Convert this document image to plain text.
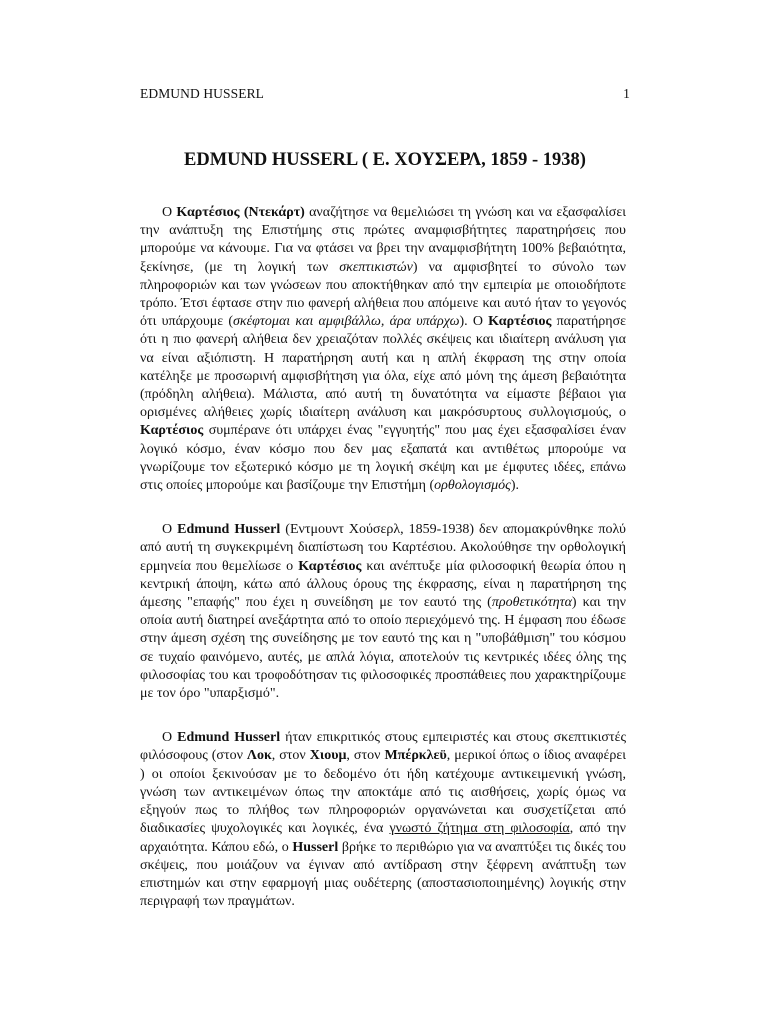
EDMUND HUSSERL	1
EDMUND HUSSERL ( Ε. ΧΟΥΣΕΡΛ, 1859 - 1938)

Ο Καρτέσιος (Ντεκάρτ) αναζήτησε να θεμελιώσει τη γνώση και να εξασφαλίσει την ανάπτυξη της Επιστήμης στις πρώτες αναμφισβήτητες παρατηρήσεις που μπορούμε να κάνουμε. Για να φτάσει να βρει την αναμφισβήτητη 100% βεβαιότητα, ξεκίνησε, (με τη λογική των σκεπτικιστών) να αμφισβητεί το σύνολο των πληροφοριών και των γνώσεων που αποκτήθηκαν από την εμπειρία με οποιοδήποτε τρόπο. Έτσι έφτασε στην πιο φανερή αλήθεια που απόμεινε και αυτό ήταν το γεγονός ότι υπάρχουμε (σκέφτομαι και αμφιβάλλω, άρα υπάρχω). Ο Καρτέσιος παρατήρησε ότι η πιο φανερή αλήθεια δεν χρειαζόταν πολλές σκέψεις και ιδιαίτερη ανάλυση για να είναι αξιόπιστη. Η παρατήρηση αυτή και η απλή έκφραση της στην οποία κατέληξε με προσωρινή αμφισβήτηση για όλα, είχε από μόνη της άμεση βεβαιότητα (πρόδηλη αλήθεια). Μάλιστα, από αυτή τη δυνατότητα να είμαστε βέβαιοι για ορισμένες αλήθειες χωρίς ιδιαίτερη ανάλυση και μακρόσυρτους συλλογισμούς, ο Καρτέσιος συμπέρανε ότι υπάρχει ένας "εγγυητής" που μας έχει εξασφαλίσει έναν λογικό κόσμο, έναν κόσμο που δεν μας εξαπατά και αντιθέτως μπορούμε να γνωρίζουμε τον εξωτερικό κόσμο με τη λογική σκέψη και με έμφυτες ιδέες, επάνω στις οποίες μπορούμε και βασίζουμε την Επιστήμη (ορθολογισμός).

Ο Edmund Husserl (Εντμουντ Χούσερλ, 1859-1938) δεν απομακρύνθηκε πολύ από αυτή τη συγκεκριμένη διαπίστωση του Καρτέσιου. Ακολούθησε την ορθολογική ερμηνεία που θεμελίωσε ο Καρτέσιος και ανέπτυξε μία φιλοσοφική θεωρία όπου η κεντρική άποψη, κάτω από άλλους όρους της έκφρασης, είναι η παρατήρηση της άμεσης "επαφής" που έχει η συνείδηση με τον εαυτό της (προθετικότητα) και την οποία αυτή διατηρεί ανεξάρτητα από το οποίο περιεχόμενό της. Η έμφαση που έδωσε στην άμεση σχέση της συνείδησης με τον εαυτό της και η "υποβάθμιση" του κόσμου σε τυχαίο φαινόμενο, αυτές, με απλά λόγια, αποτελούν τις κεντρικές ιδέες όλης της φιλοσοφίας του και τροφοδότησαν τις φιλοσοφικές προσπάθειες που χαρακτηρίζουμε με τον όρο "υπαρξισμό".

Ο Edmund Husserl ήταν επικριτικός στους εμπειριστές και στους σκεπτικιστές φιλόσοφους (στον Λοκ, στον Χιουμ, στον Μπέρκλεϋ, μερικοί όπως ο ίδιος αναφέρει ) οι οποίοι ξεκινούσαν με το δεδομένο ότι ήδη κατέχουμε αντικειμενική γνώση, γνώση των αντικειμένων όπως την αποκτάμε από τις αισθήσεις, χωρίς όμως να εξηγούν πως το πλήθος των πληροφοριών οργανώνεται και συσχετίζεται από διαδικασίες ψυχολογικές και λογικές, ένα γνωστό ζήτημα στη φιλοσοφία, από την αρχαιότητα. Κάπου εδώ, ο Husserl βρήκε το περιθώριο για να αναπτύξει τις δικές του σκέψεις, που μοιάζουν να έγιναν από αντίδραση στην ξέφρενη ανάπτυξη των επιστημών και στην εφαρμογή μιας ουδέτερης (αποστασιοποιημένης) λογικής στην περιγραφή των πραγμάτων.
